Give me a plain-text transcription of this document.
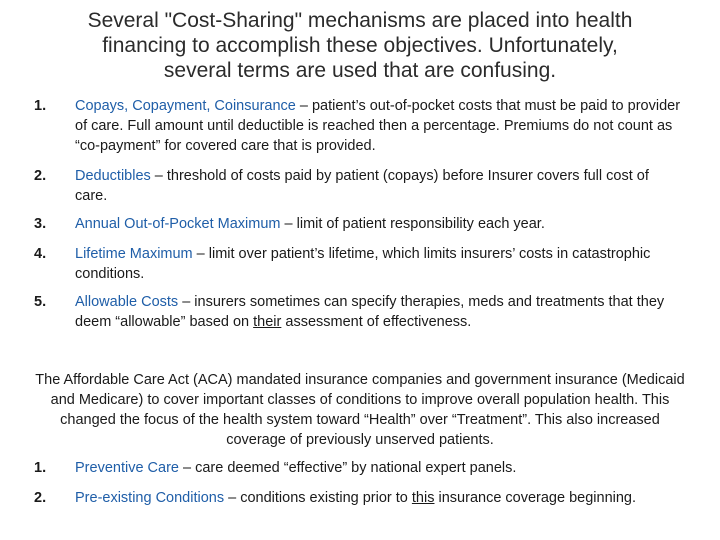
Several "Cost-Sharing" mechanisms are placed into health
financing to accomplish these objectives. Unfortunately,
several terms are used that are confusing.
1.	Copays, Copayment, Coinsurance – patient’s out-of-pocket costs that must be paid to provider of care. Full amount until deductible is reached then a percentage. Premiums do not count as “co-payment” for covered care that is provided.
2.	Deductibles – threshold of costs paid by patient (copays) before Insurer covers full cost of care.
3.	Annual Out-of-Pocket Maximum – limit of patient responsibility each year.
4.	Lifetime Maximum – limit over patient’s lifetime, which limits insurers’ costs in catastrophic conditions.
5.	Allowable Costs – insurers sometimes can specify therapies, meds and treatments that they deem “allowable” based on their assessment of effectiveness.
The Affordable Care Act (ACA) mandated insurance companies and government insurance (Medicaid and Medicare) to cover important classes of conditions to improve overall population health. This changed the focus of the health system toward “Health” over “Treatment”. This also increased coverage of previously unserved patients.
1.	Preventive Care – care deemed “effective” by national expert panels.
2.	Pre-existing Conditions – conditions existing prior to this insurance coverage beginning.
